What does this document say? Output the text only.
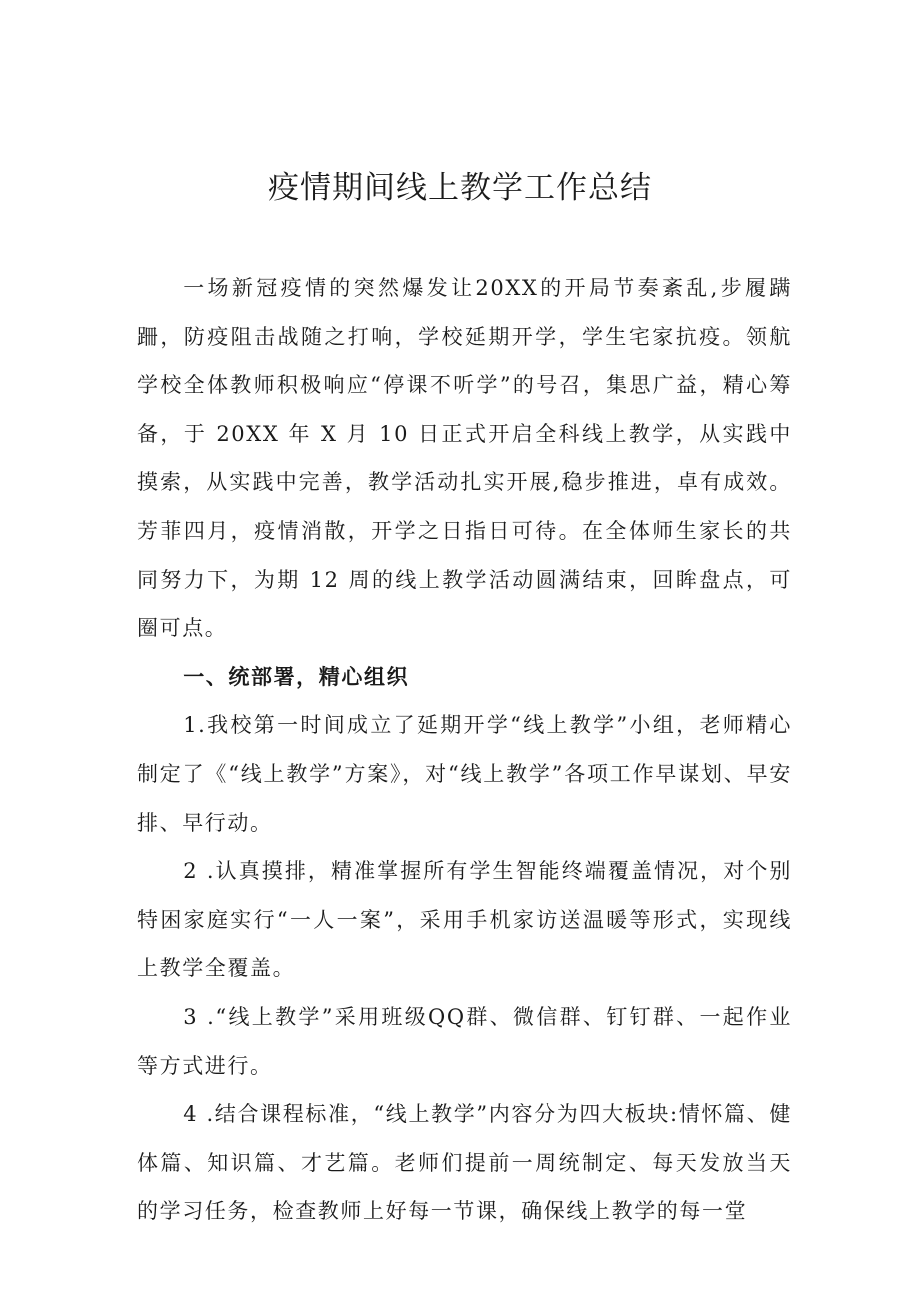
疫情期间线上教学工作总结

一场新冠疫情的突然爆发让20XX的开局节奏紊乱,步履蹒跚，防疫阻击战随之打响，学校延期开学，学生宅家抗疫。领航学校全体教师积极响应“停课不听学”的号召，集思广益，精心筹备，于 20XX 年 X 月 10 日正式开启全科线上教学，从实践中摸索，从实践中完善，教学活动扎实开展,稳步推进，卓有成效。芳菲四月，疫情消散，开学之日指日可待。在全体师生家长的共同努力下，为期 12 周的线上教学活动圆满结束，回眸盘点，可圈可点。

一、统部署，精心组织

1.我校第一时间成立了延期开学“线上教学”小组，老师精心制定了《“线上教学”方案》，对“线上教学”各项工作早谋划、早安排、早行动。

2 .认真摸排，精准掌握所有学生智能终端覆盖情况，对个别特困家庭实行“一人一案”，采用手机家访送温暖等形式，实现线上教学全覆盖。

3 .“线上教学”采用班级QQ群、微信群、钉钉群、一起作业等方式进行。

4 .结合课程标准，“线上教学”内容分为四大板块:情怀篇、健体篇、知识篇、才艺篇。老师们提前一周统制定、每天发放当天的学习任务，检查教师上好每一节课，确保线上教学的每一堂
